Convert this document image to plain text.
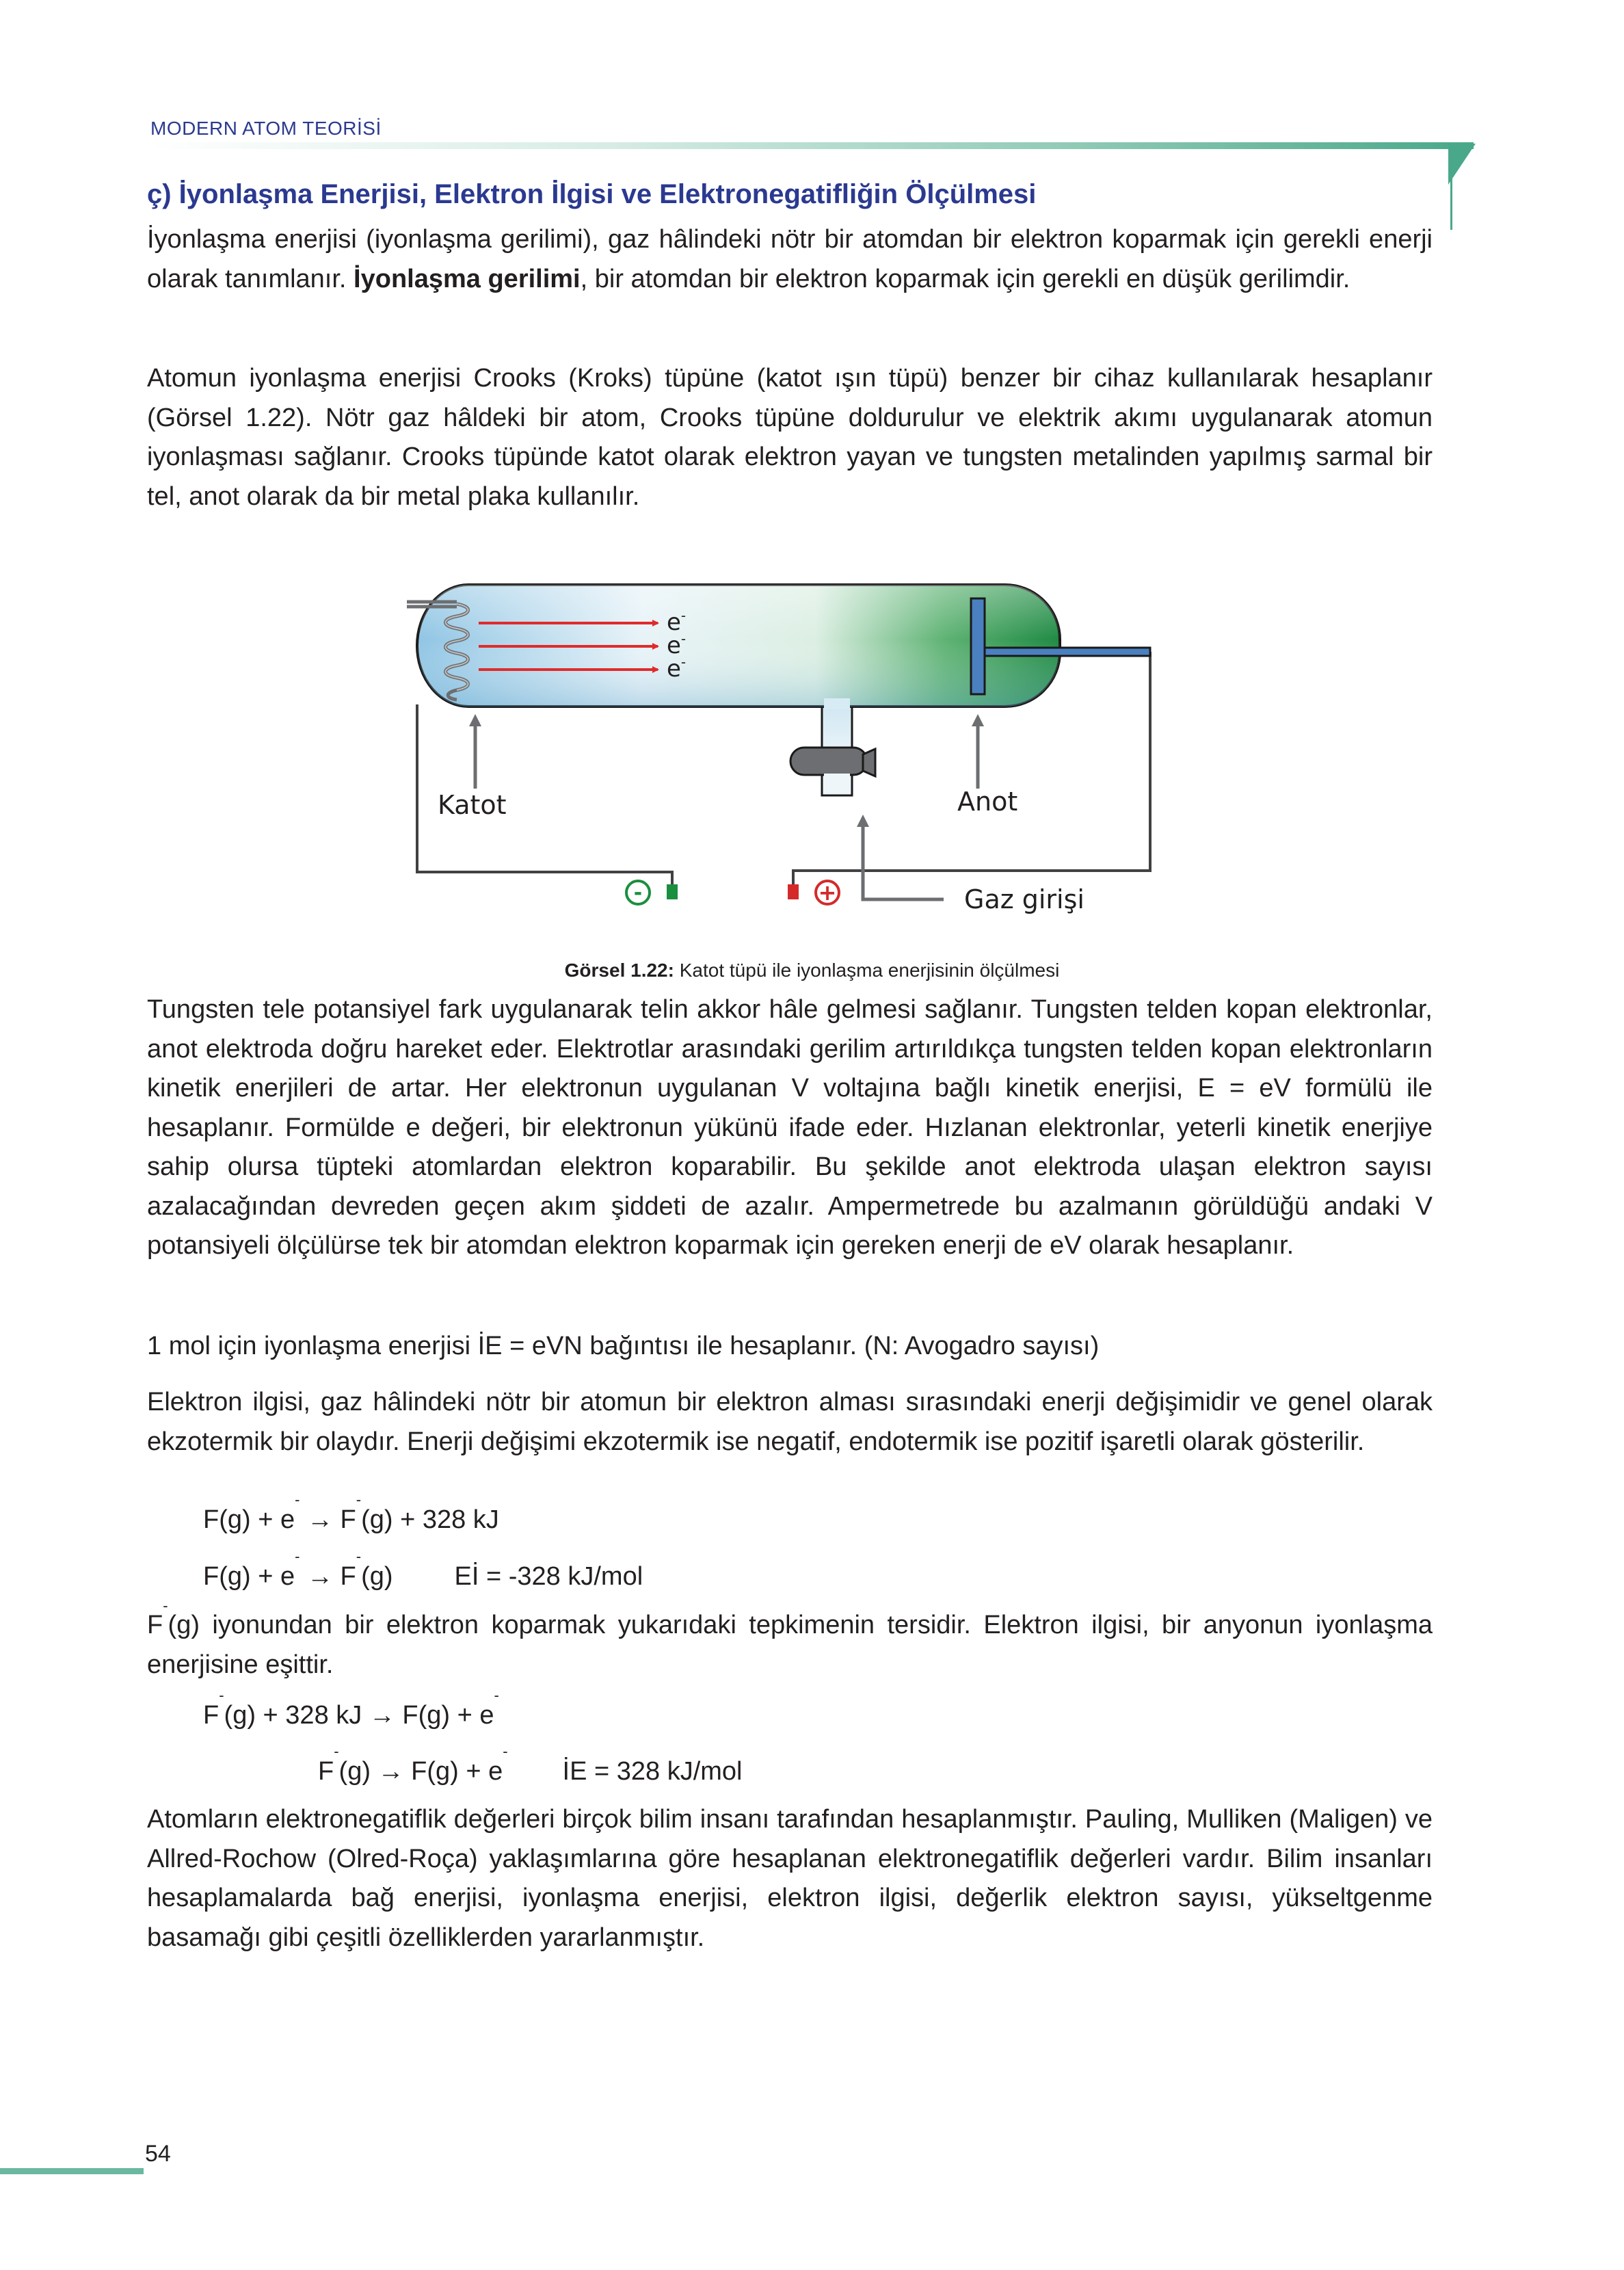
MODERN ATOM TEORİSİ
ç) İyonlaşma Enerjisi, Elektron İlgisi ve Elektronegatifliğin Ölçülmesi

İyonlaşma enerjisi (iyonlaşma gerilimi), gaz hâlindeki nötr bir atomdan bir elektron koparmak için gerekli enerji olarak tanımlanır. İyonlaşma gerilimi, bir atomdan bir elektron koparmak için gerekli en düşük gerilimdir.

Atomun iyonlaşma enerjisi Crooks (Kroks) tüpüne (katot ışın tüpü) benzer bir cihaz kullanılarak hesaplanır (Görsel 1.22). Nötr gaz hâldeki bir atom, Crooks tüpüne doldurulur ve elektrik akımı uygulanarak atomun iyonlaşması sağlanır. Crooks tüpünde katot olarak elektron yayan ve tungsten metalinden yapılmış sarmal bir tel, anot olarak da bir metal plaka kullanılır.

e-
e-
e-
Katot	Anot
Gaz girişi
-	+
Görsel 1.22: Katot tüpü ile iyonlaşma enerjisinin ölçülmesi

Tungsten tele potansiyel fark uygulanarak telin akkor hâle gelmesi sağlanır. Tungsten telden kopan elektronlar, anot elektroda doğru hareket eder. Elektrotlar arasındaki gerilim artırıldıkça tungsten telden kopan elektronların kinetik enerjileri de artar. Her elektronun uygulanan V voltajına bağlı kinetik enerjisi, E = eV formülü ile hesaplanır. Formülde e değeri, bir elektronun yükünü ifade eder. Hızlanan elektronlar, yeterli kinetik enerjiye sahip olursa tüpteki atomlardan elektron koparabilir. Bu şekilde anot elektroda ulaşan elektron sayısı azalacağından devreden geçen akım şiddeti de azalır. Ampermetrede bu azalmanın görüldüğü andaki V potansiyeli ölçülürse tek bir atomdan elektron koparmak için gereken enerji de eV olarak hesaplanır.

1 mol için iyonlaşma enerjisi İE = eVN bağıntısı ile hesaplanır. (N: Avogadro sayısı)

Elektron ilgisi, gaz hâlindeki nötr bir atomun bir elektron alması sırasındaki enerji değişimidir ve genel olarak ekzotermik bir olaydır. Enerji değişimi ekzotermik ise negatif, endotermik ise pozitif işaretli olarak gösterilir.

F(g) + e- → F-(g) + 328 kJ
F(g) + e- → F-(g) Eİ = -328 kJ/mol

F-(g) iyonundan bir elektron koparmak yukarıdaki tepkimenin tersidir. Elektron ilgisi, bir anyonun iyonlaşma enerjisine eşittir.

F-(g) + 328 kJ → F(g) + e-
F-(g) → F(g) + e-İE = 328 kJ/mol

Atomların elektronegatiflik değerleri birçok bilim insanı tarafından hesaplanmıştır. Pauling, Mulliken (Maligen) ve Allred-Rochow (Olred-Roça) yaklaşımlarına göre hesaplanan elektronegatiflik değerleri vardır. Bilim insanları hesaplamalarda bağ enerjisi, iyonlaşma enerjisi, elektron ilgisi, değerlik elektron sayısı, yükseltgenme basamağı gibi çeşitli özelliklerden yararlanmıştır.

54
